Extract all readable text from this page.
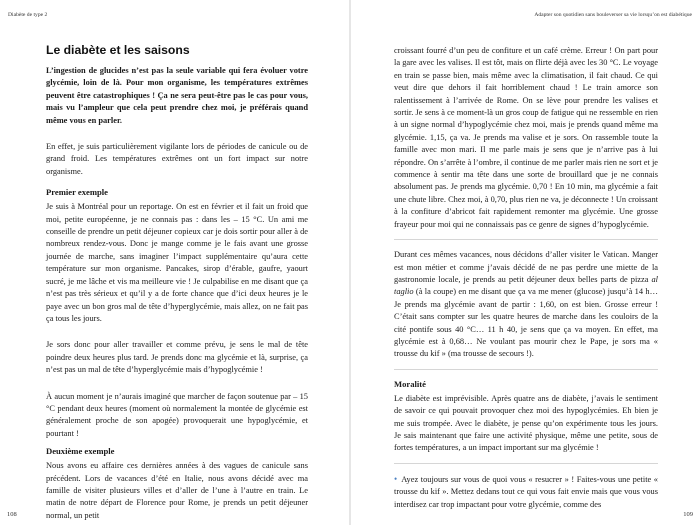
Diabète de type 2
Le diabète et les saisons

L’ingestion de glucides n’est pas la seule variable qui fera évoluer votre glycémie, loin de là. Pour mon organisme, les températures extrêmes peuvent être catastrophiques ! Ça ne sera peut-être pas le cas pour vous, mais vu l’ampleur que cela peut prendre chez moi, je préférais quand même vous en parler.

En effet, je suis particulièrement vigilante lors de périodes de canicule ou de grand froid. Les températures extrêmes ont un fort impact sur notre organisme.

Premier exemple

Je suis à Montréal pour un reportage. On est en février et il fait un froid que moi, petite européenne, je ne connais pas : dans les – 15 °C. Un ami me conseille de prendre un petit déjeuner copieux car je dois sortir pour aller à de nombreux rendez-vous. Donc je mange comme je le fais avant une grosse journée de marche, sans imaginer l’impact supplémentaire qu’aura cette température sur mon organisme. Pancakes, sirop d’érable, gaufre, yaourt sucré, je me lâche et vis ma meilleure vie ! Je culpabilise en me disant que ça n’est pas très sérieux et qu’il y a de forte chance que d’ici deux heures je le paye avec un bon gros mal de tête d’hyperglycémie, mais allez, on ne fait pas ça tous les jours.

Je sors donc pour aller travailler et comme prévu, je sens le mal de tête poindre deux heures plus tard. Je prends donc ma glycémie et là, surprise, ça n’est pas un mal de tête d’hyperglycémie mais d’hypoglycémie !

À aucun moment je n’aurais imaginé que marcher de façon soutenue par – 15 °C pendant deux heures (moment où normalement la montée de glycémie est généralement proche de son apogée) provoquerait une hypoglycémie, et pourtant !

Deuxième exemple

Nous avons eu affaire ces dernières années à des vagues de canicule sans précédent. Lors de vacances d’été en Italie, nous avons décidé avec ma famille de visiter plusieurs villes et d’aller de l’une à l’autre en train. Le matin de notre départ de Florence pour Rome, je prends un petit déjeuner normal, un petit

108
Adapter son quotidien sans bouleverser sa vie lorsqu’on est diabétique

croissant fourré d’un peu de confiture et un café crème. Erreur ! On part pour la gare avec les valises. Il est tôt, mais on flirte déjà avec les 30 °C. Le voyage en train se passe bien, mais même avec la climatisation, il fait chaud. Ce qui veut dire que dehors il fait horriblement chaud ! Le train amorce son ralentissement à l’arrivée de Rome. On se lève pour prendre les valises et sortir. Je sens à ce moment-là un gros coup de fatigue qui ne ressemble en rien à un signe normal d’hypoglycémie chez moi, mais je prends quand même ma glycémie. 1,15, ça va. Je prends ma valise et je sors. On rassemble toute la famille avec mon mari. Il me parle mais je sens que je n’arrive pas à lui répondre. On s’arrête à l’ombre, il continue de me parler mais rien ne sort et je commence à sentir ma tête dans une sorte de brouillard que je ne connais absolument pas. Je prends ma glycémie. 0,70 ! En 10 min, ma glycémie a fait une chute libre. Chez moi, à 0,70, plus rien ne va, je déconnecte ! Un croissant à la confiture d’abricot fait rapidement remonter ma glycémie. Une grosse frayeur pour moi qui ne connaissais pas ce genre de signes d’hypoglycémie.

Durant ces mêmes vacances, nous décidons d’aller visiter le Vatican. Manger est mon métier et comme j’avais décidé de ne pas perdre une miette de la gastronomie locale, je prends au petit déjeuner deux belles parts de pizza al taglio (à la coupe) en me disant que ça va me mener (glucose) jusqu’à 14 h… Je prends ma glycémie avant de partir : 1,60, on est bien. Grosse erreur ! C’était sans compter sur les quatre heures de marche dans les couloirs de la cité pontife sous 40 °C… 11 h 40, je sens que ça va moyen. En effet, ma glycémie est à 0,68… Ne voulant pas mourir chez le Pape, je sors ma « trousse du kif » (ma trousse de secours !).

Moralité

Le diabète est imprévisible. Après quatre ans de diabète, j’avais le sentiment de savoir ce qui pouvait provoquer chez moi des hypoglycémies. Eh bien je me suis trompée. Avec le diabète, je pense qu’on expérimente tous les jours. Je sais maintenant que faire une activité physique, même une petite, sous de fortes températures, a un impact important sur ma glycémie !

• Ayez toujours sur vous de quoi vous « resucrer » ! Faites-vous une petite « trousse du kif ». Mettez dedans tout ce qui vous fait envie mais que vous vous interdisez car trop impactant pour votre glycémie, comme des

109
